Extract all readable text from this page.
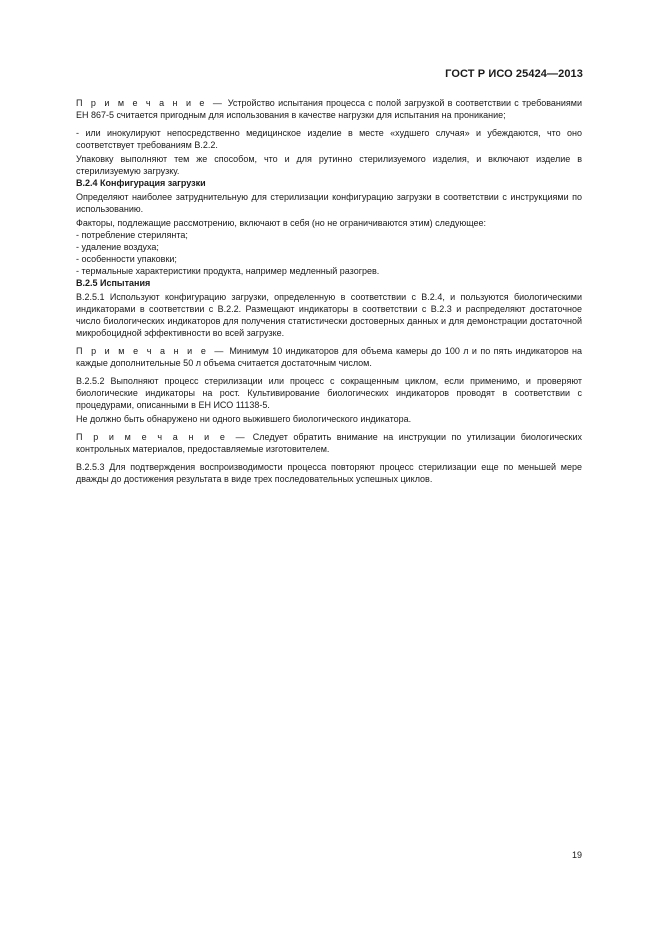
ГОСТ Р ИСО 25424—2013

П р и м е ч а н и е — Устройство испытания процесса с полой загрузкой в соответствии с требованиями ЕН 867-5 считается пригодным для использования в качестве нагрузки для испытания на проникание;

- или инокулируют непосредственно медицинское изделие в месте «худшего случая» и убеждаются, что оно соответствует требованиям В.2.2.

Упаковку выполняют тем же способом, что и для рутинно стерилизуемого изделия, и включают изделие в стерилизуемую загрузку.

В.2.4 Конфигурация загрузки

Определяют наиболее затруднительную для стерилизации конфигурацию загрузки в соответствии с инструкциями по использованию.

Факторы, подлежащие рассмотрению, включают в себя (но не ограничиваются этим) следующее:

- потребление стерилянта;

- удаление воздуха;

- особенности упаковки;

- термальные характеристики продукта, например медленный разогрев.

В.2.5 Испытания

В.2.5.1 Используют конфигурацию загрузки, определенную в соответствии с В.2.4, и пользуются биологическими индикаторами в соответствии с В.2.2. Размещают индикаторы в соответствии с В.2.3 и распределяют достаточное число биологических индикаторов для получения статистически достоверных данных и для демонстрации достаточной микробоцидной эффективности во всей загрузке.

П р и м е ч а н и е — Минимум 10 индикаторов для объема камеры до 100 л и по пять индикаторов на каждые дополнительные 50 л объема считается достаточным числом.

В.2.5.2 Выполняют процесс стерилизации или процесс с сокращенным циклом, если применимо, и проверяют биологические индикаторы на рост. Культивирование биологических индикаторов проводят в соответствии с процедурами, описанными в ЕН ИСО 11138-5.

Не должно быть обнаружено ни одного выжившего биологического индикатора.

П р и м е ч а н и е — Следует обратить внимание на инструкции по утилизации биологических контрольных материалов, предоставляемые изготовителем.

В.2.5.3 Для подтверждения воспроизводимости процесса повторяют процесс стерилизации еще по меньшей мере дважды до достижения результата в виде трех последовательных успешных циклов.

19
